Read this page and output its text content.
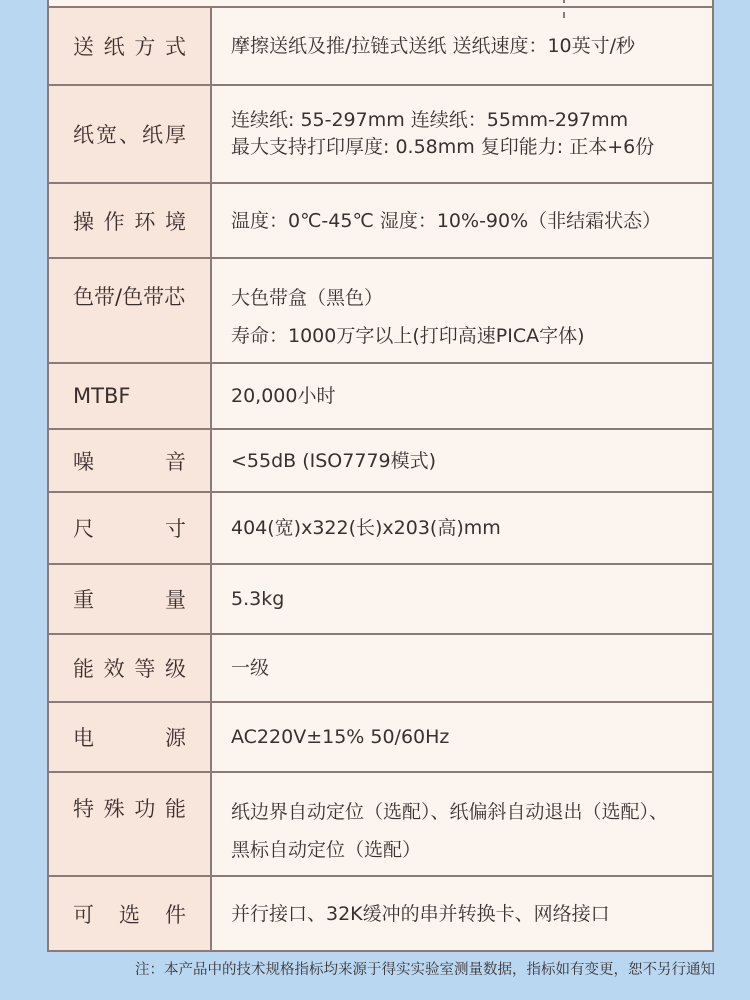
送纸方式 摩擦送纸及推/拉链式送纸 送纸速度：10英寸/秒
纸宽、纸厚
连续纸: 55-297mm 连续纸：55mm-297mm
最大支持打印厚度: 0.58mm 复印能力: 正本+6份
操作环境 温度：0℃-45℃ 湿度：10%-90%（非结霜状态）
色带/色带芯 大色带盒（黑色）
寿命：1000万字以上(打印高速PICA字体)
MTBF	20,000小时
噪音 <55dB (ISO7779模式)
尺寸 404(宽)x322(长)x203(高)mm
重量 5.3kg
能效等级 一级
电源 AC220V±15% 50/60Hz
特殊功能 纸边界自动定位（选配）、纸偏斜自动退出（选配）、
黑标自动定位（选配）
可选件 并行接口、32K缓冲的串并转换卡、网络接口
注：本产品中的技术规格指标均来源于得实实验室测量数据，指标如有变更，恕不另行通知
